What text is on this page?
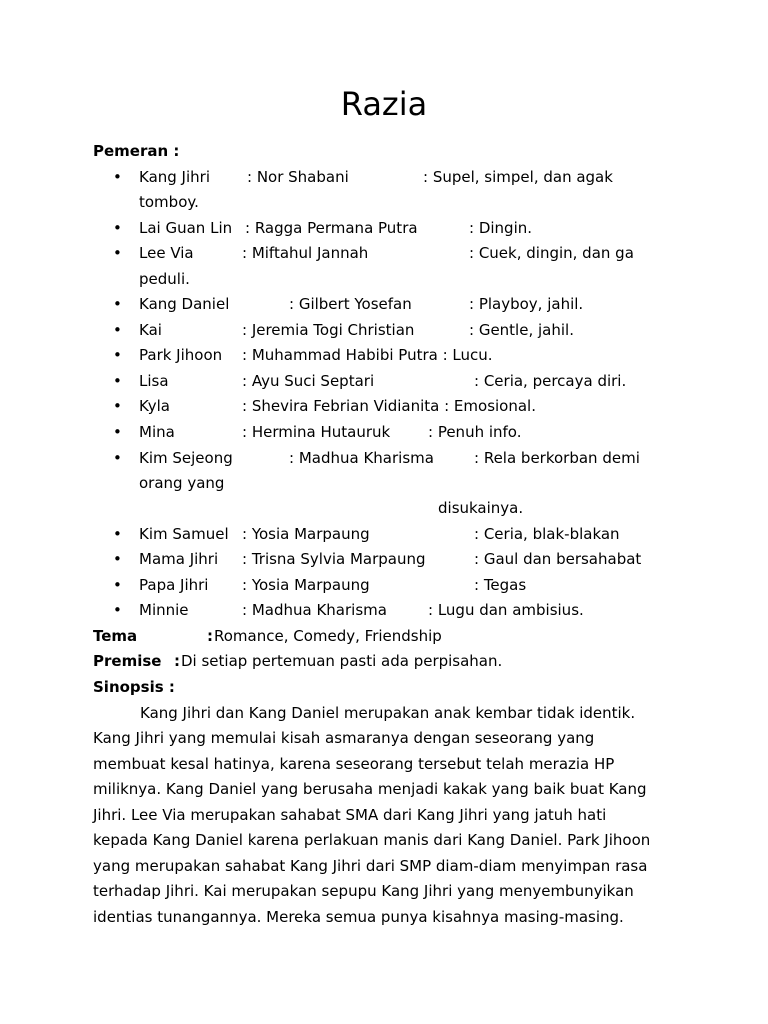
Razia
Pemeran :
• Kang Jihri : Nor Shabani	: Supel, simpel, dan agak
tomboy.
• Lai Guan Lin : Ragga Permana Putra	: Dingin.
• Lee Via	: Miftahul Jannah	: Cuek, dingin, dan ga
peduli.
• Kang Daniel	: Gilbert Yosefan	: Playboy, jahil.
• Kai	: Jeremia Togi Christian	: Gentle, jahil.
• Park Jihoon : Muhammad Habibi Putra : Lucu.
• Lisa	: Ayu Suci Septari	: Ceria, percaya diri.
• Kyla	: Shevira Febrian Vidianita : Emosional.
• Mina	: Hermina Hutauruk	: Penuh info.
• Kim Sejeong	: Madhua Kharisma	: Rela berkorban demi
orang yang
disukainya.
• Kim Samuel : Yosia Marpaung	: Ceria, blak-blakan
• Mama Jihri : Trisna Sylvia Marpaung	: Gaul dan bersahabat
• Papa Jihri : Yosia Marpaung	: Tegas
• Minnie	: Madhua Kharisma	: Lugu dan ambisius.
Tema	: Romance, Comedy, Friendship
Premise : Di setiap pertemuan pasti ada perpisahan.
Sinopsis :
Kang Jihri dan Kang Daniel merupakan anak kembar tidak identik.
Kang Jihri yang memulai kisah asmaranya dengan seseorang yang
membuat kesal hatinya, karena seseorang tersebut telah merazia HP
miliknya. Kang Daniel yang berusaha menjadi kakak yang baik buat Kang
Jihri. Lee Via merupakan sahabat SMA dari Kang Jihri yang jatuh hati
kepada Kang Daniel karena perlakuan manis dari Kang Daniel. Park Jihoon
yang merupakan sahabat Kang Jihri dari SMP diam-diam menyimpan rasa
terhadap Jihri. Kai merupakan sepupu Kang Jihri yang menyembunyikan
identias tunangannya. Mereka semua punya kisahnya masing-masing.
